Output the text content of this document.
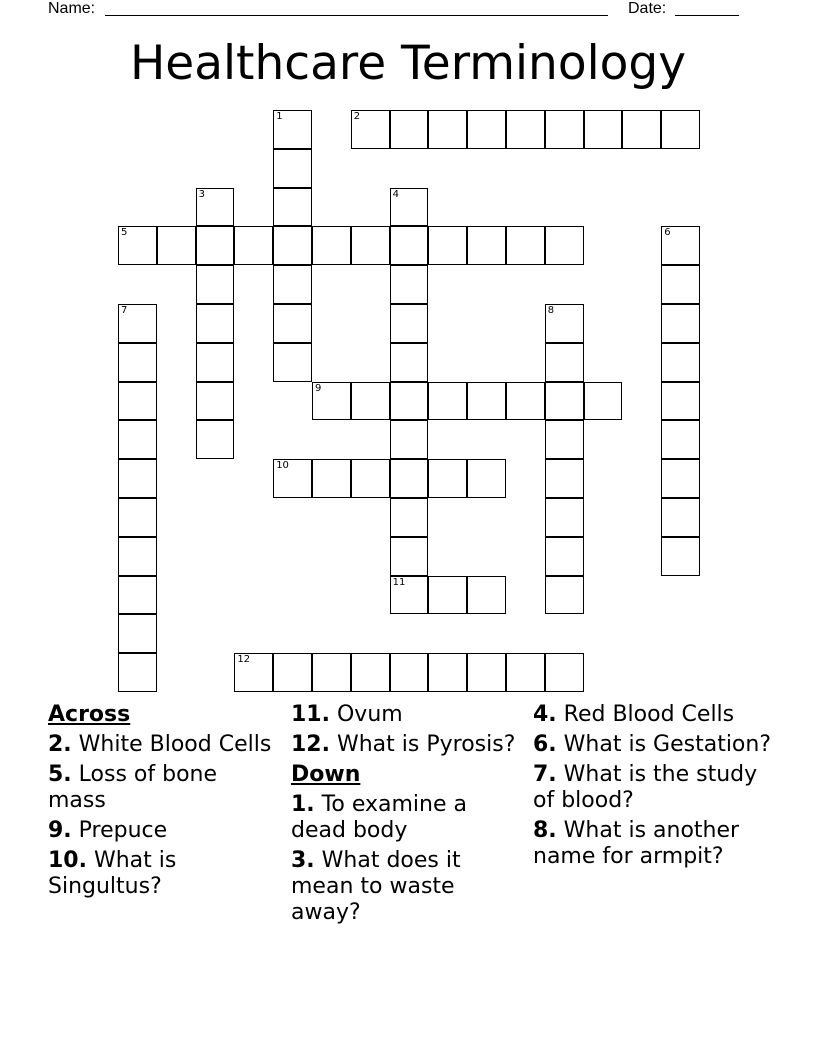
Name:	Date:
Healthcare Terminology
1	2
3	4
11
5	6
7	8
9
10
12
Across
2. White Blood Cells
5. Loss of bone mass
9. Prepuce
10. What is Singultus?
11. Ovum
12. What is Pyrosis?
Down
1. To examine a dead body
3. What does it mean to waste away?
4. Red Blood Cells
6. What is Gestation?
7. What is the study of blood?
8. What is another name for armpit?
